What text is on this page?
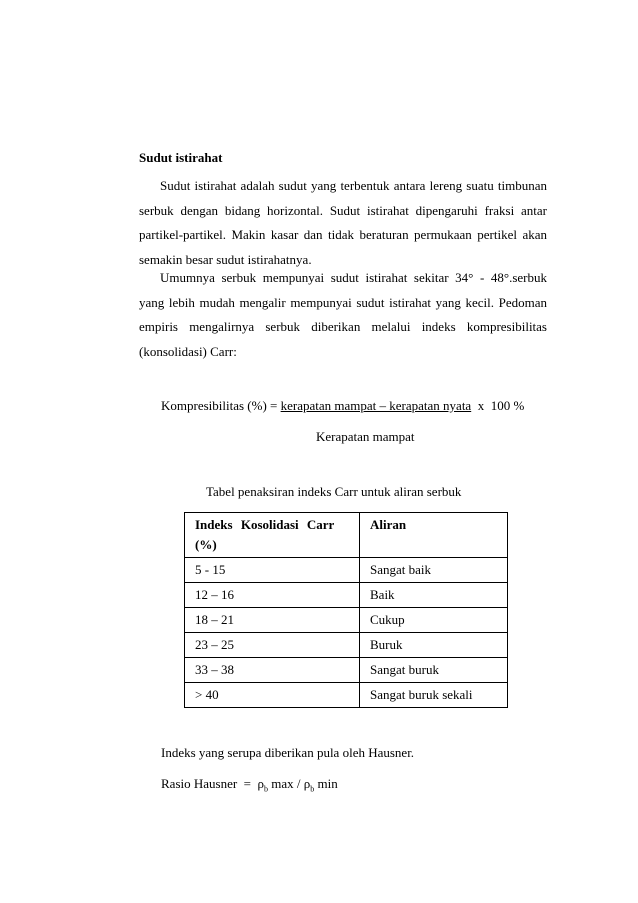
Sudut istirahat

Sudut istirahat adalah sudut yang terbentuk antara lereng suatu timbunan serbuk dengan bidang horizontal. Sudut istirahat dipengaruhi fraksi antar partikel-partikel. Makin kasar dan tidak beraturan permukaan pertikel akan semakin besar sudut istirahatnya.

Umumnya serbuk mempunyai sudut istirahat sekitar 34° - 48°.serbuk yang lebih mudah mengalir mempunyai sudut istirahat yang kecil. Pedoman empiris mengalirnya serbuk diberikan melalui indeks kompresibilitas (konsolidasi) Carr:

Kompresibilitas (%) = kerapatan mampat – kerapatan nyata  x  100 %
Kerapatan mampat
Tabel penaksiran indeks Carr untuk aliran serbuk
Indeks Kosolidasi Carr (%)	Aliran
5 - 15	Sangat baik
12 – 16	Baik
18 – 21	Cukup
23 – 25	Buruk
33 – 38	Sangat buruk
> 40	Sangat buruk sekali
Indeks yang serupa diberikan pula oleh Hausner.
Rasio Hausner  =  $\rho_b$ max / $\rho_b$ min
